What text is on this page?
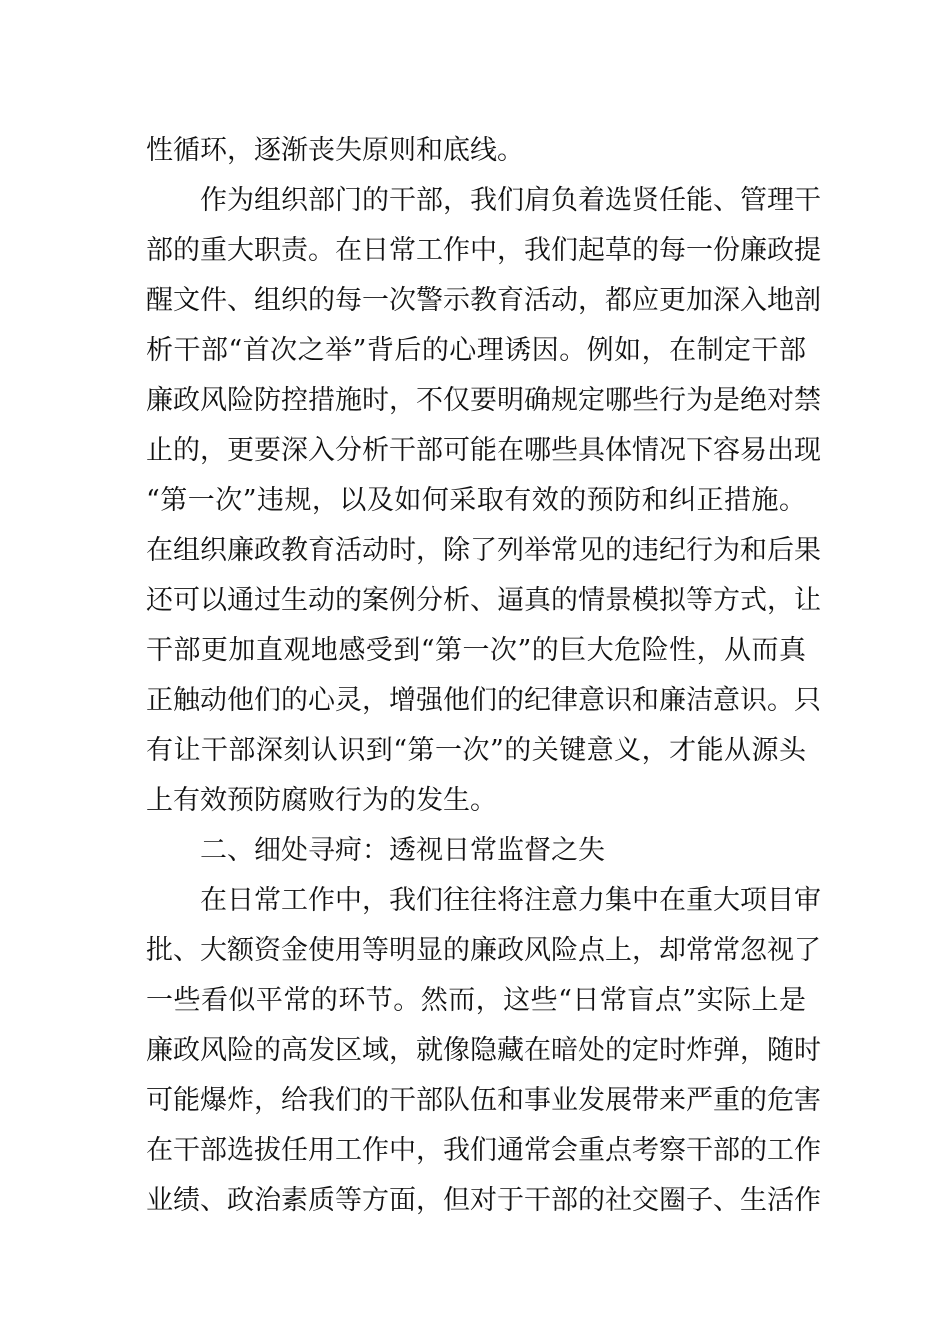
性循环，逐渐丧失原则和底线。
作为组织部门的干部，我们肩负着选贤任能、管理干
部的重大职责。在日常工作中，我们起草的每一份廉政提
醒文件、组织的每一次警示教育活动，都应更加深入地剖
析干部“首次之举”背后的心理诱因。例如，在制定干部
廉政风险防控措施时，不仅要明确规定哪些行为是绝对禁
止的，更要深入分析干部可能在哪些具体情况下容易出现
“第一次”违规，以及如何采取有效的预防和纠正措施。
在组织廉政教育活动时，除了列举常见的违纪行为和后果
还可以通过生动的案例分析、逼真的情景模拟等方式，让
干部更加直观地感受到“第一次”的巨大危险性，从而真
正触动他们的心灵，增强他们的纪律意识和廉洁意识。只
有让干部深刻认识到“第一次”的关键意义，才能从源头
上有效预防腐败行为的发生。
二、细处寻疴：透视日常监督之失
在日常工作中，我们往往将注意力集中在重大项目审
批、大额资金使用等明显的廉政风险点上，却常常忽视了
一些看似平常的环节。然而，这些“日常盲点”实际上是
廉政风险的高发区域，就像隐藏在暗处的定时炸弹，随时
可能爆炸，给我们的干部队伍和事业发展带来严重的危害
在干部选拔任用工作中，我们通常会重点考察干部的工作
业绩、政治素质等方面，但对于干部的社交圈子、生活作
